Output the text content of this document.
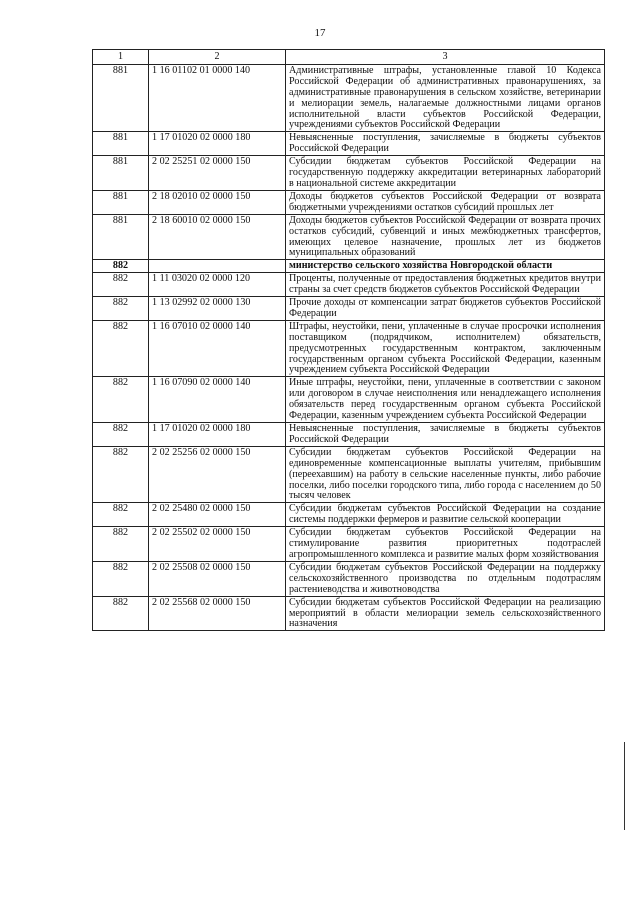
17
1	2	3
881	1 16 01102 01 0000 140	Административные штрафы, установленные главой 10 Кодекса Российской Федерации об административных правонарушениях, за административные правонарушения в сельском хозяйстве, ветеринарии и мелиорации земель, налагаемые должностными лицами органов исполнительной власти субъектов Российской Федерации, учреждениями субъектов Российской Федерации
881	1 17 01020 02 0000 180	Невыясненные поступления, зачисляемые в бюджеты субъектов Российской Федерации
881	2 02 25251 02 0000 150	Субсидии бюджетам субъектов Российской Федерации на государственную поддержку аккредитации ветеринарных лабораторий в национальной системе аккредитации
881	2 18 02010 02 0000 150	Доходы бюджетов субъектов Российской Федерации от возврата бюджетными учреждениями остатков субсидий прошлых лет
881	2 18 60010 02 0000 150	Доходы бюджетов субъектов Российской Федерации от возврата прочих остатков субсидий, субвенций и иных межбюджетных трансфертов, имеющих целевое назначение, прошлых лет из бюджетов муниципальных образований
882		министерство сельского хозяйства Новгородской области
882	1 11 03020 02 0000 120	Проценты, полученные от предоставления бюджетных кредитов внутри страны за счет средств бюджетов субъектов Российской Федерации
882	1 13 02992 02 0000 130	Прочие доходы от компенсации затрат бюджетов субъектов Российской Федерации
882	1 16 07010 02 0000 140	Штрафы, неустойки, пени, уплаченные в случае просрочки исполнения поставщиком (подрядчиком, исполнителем) обязательств, предусмотренных государственным контрактом, заключенным государственным органом субъекта Российской Федерации, казенным учреждением субъекта Российской Федерации
882	1 16 07090 02 0000 140	Иные штрафы, неустойки, пени, уплаченные в соответствии с законом или договором в случае неисполнения или ненадлежащего исполнения обязательств перед государственным органом субъекта Российской Федерации, казенным учреждением субъекта Российской Федерации
882	1 17 01020 02 0000 180	Невыясненные поступления, зачисляемые в бюджеты субъектов Российской Федерации
882	2 02 25256 02 0000 150	Субсидии бюджетам субъектов Российской Федерации на единовременные компенсационные выплаты учителям, прибывшим (переехавшим) на работу в сельские населенные пункты, либо рабочие поселки, либо поселки городского типа, либо города с населением до 50 тысяч человек
882	2 02 25480 02 0000 150	Субсидии бюджетам субъектов Российской Федерации на создание системы поддержки фермеров и развитие сельской кооперации
882	2 02 25502 02 0000 150	Субсидии бюджетам субъектов Российской Федерации на стимулирование развития приоритетных подотраслей агропромышленного комплекса и развитие малых форм хозяйствования
882	2 02 25508 02 0000 150	Субсидии бюджетам субъектов Российской Федерации на поддержку сельскохозяйственного производства по отдельным подотраслям растениеводства и животноводства
882	2 02 25568 02 0000 150	Субсидии бюджетам субъектов Российской Федерации на реализацию мероприятий в области мелиорации земель сельскохозяйственного назначения
